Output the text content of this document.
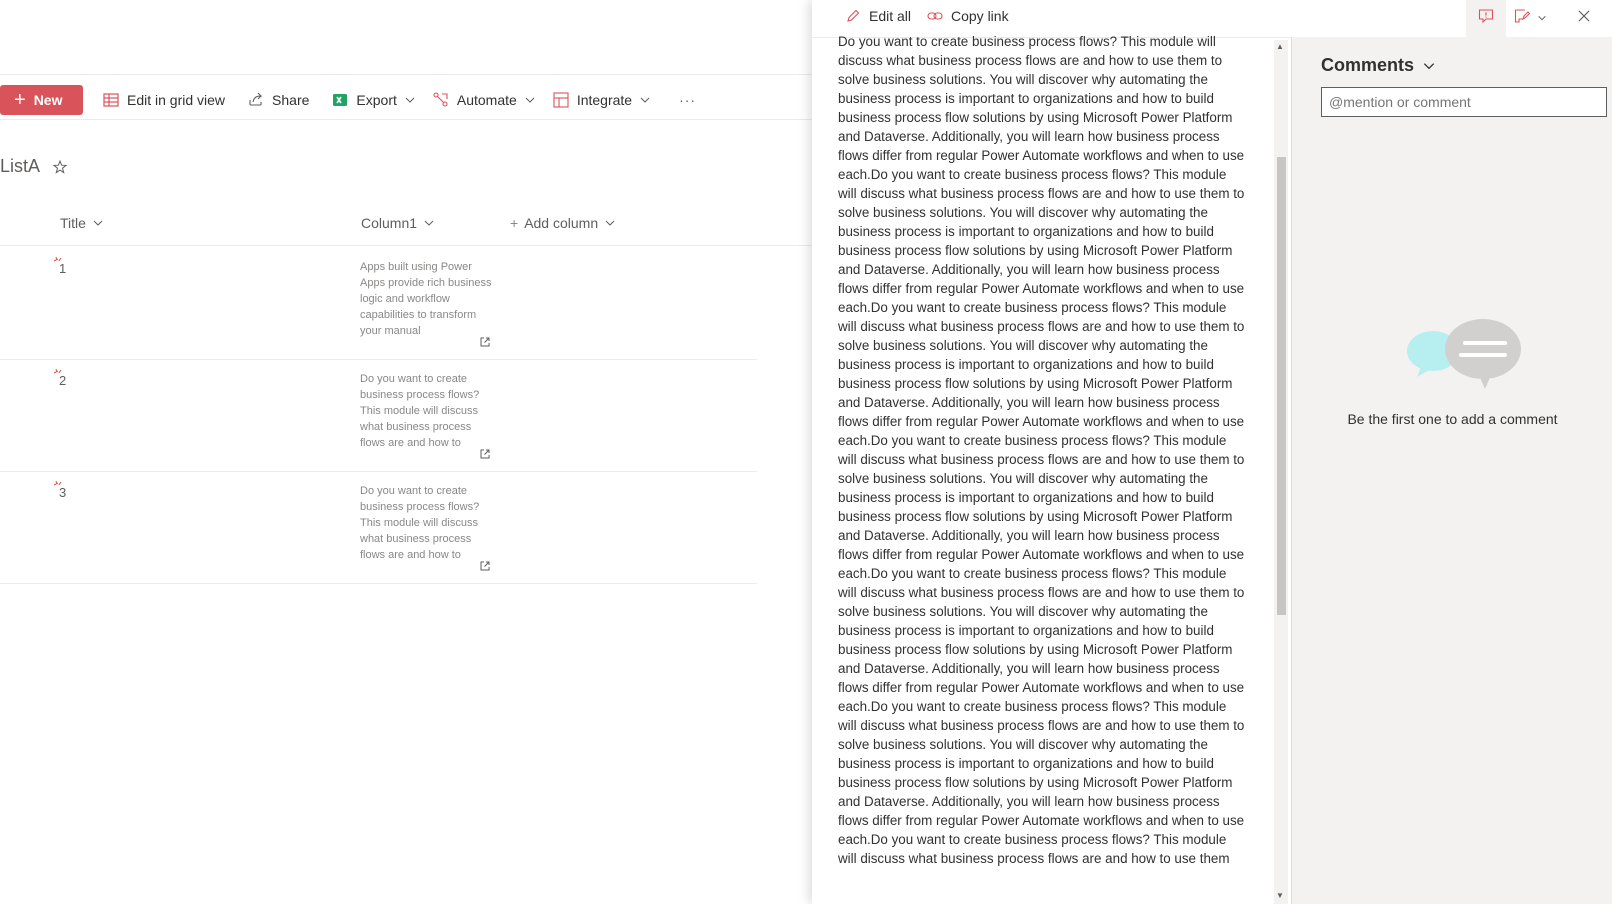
+ New	Edit in grid view	Share	Export	Automate	Integrate	···
ListA
Title	Column1	+ Add column
1	Apps built using Power Apps provide rich business logic and workflow capabilities to transform your manual
2	Do you want to create business process flows? This module will discuss what business process flows are and how to
3	Do you want to create business process flows? This module will discuss what business process flows are and how to
Edit all	Copy link
Do you want to create business process flows? This module will discuss what business process flows are and how to use them to solve business solutions. You will discover why automating the business process is important to organizations and how to build business process flow solutions by using Microsoft Power Platform and Dataverse. Additionally, you will learn how business process flows differ from regular Power Automate workflows and when to use each.Do you want to create business process flows? This module will discuss what business process flows are and how to use them to solve business solutions. You will discover why automating the business process is important to organizations and how to build business process flow solutions by using Microsoft Power Platform and Dataverse. Additionally, you will learn how business process flows differ from regular Power Automate workflows and when to use each.Do you want to create business process flows? This module will discuss what business process flows are and how to use them to solve business solutions. You will discover why automating the business process is important to organizations and how to build business process flow solutions by using Microsoft Power Platform and Dataverse. Additionally, you will learn how business process flows differ from regular Power Automate workflows and when to use each.Do you want to create business process flows? This module will discuss what business process flows are and how to use them to solve business solutions. You will discover why automating the business process is important to organizations and how to build business process flow solutions by using Microsoft Power Platform and Dataverse. Additionally, you will learn how business process flows differ from regular Power Automate workflows and when to use each.Do you want to create business process flows? This module will discuss what business process flows are and how to use them to solve business solutions. You will discover why automating the business process is important to organizations and how to build business process flow solutions by using Microsoft Power Platform and Dataverse. Additionally, you will learn how business process flows differ from regular Power Automate workflows and when to use each.Do you want to create business process flows? This module will discuss what business process flows are and how to use them to solve business solutions. You will discover why automating the business process is important to organizations and how to build business process flow solutions by using Microsoft Power Platform and Dataverse. Additionally, you will learn how business process flows differ from regular Power Automate workflows and when to use each.Do you want to create business process flows? This module will discuss what business process flows are and how to use them
▲
▼
Comments
@mention or comment
Be the first one to add a comment
